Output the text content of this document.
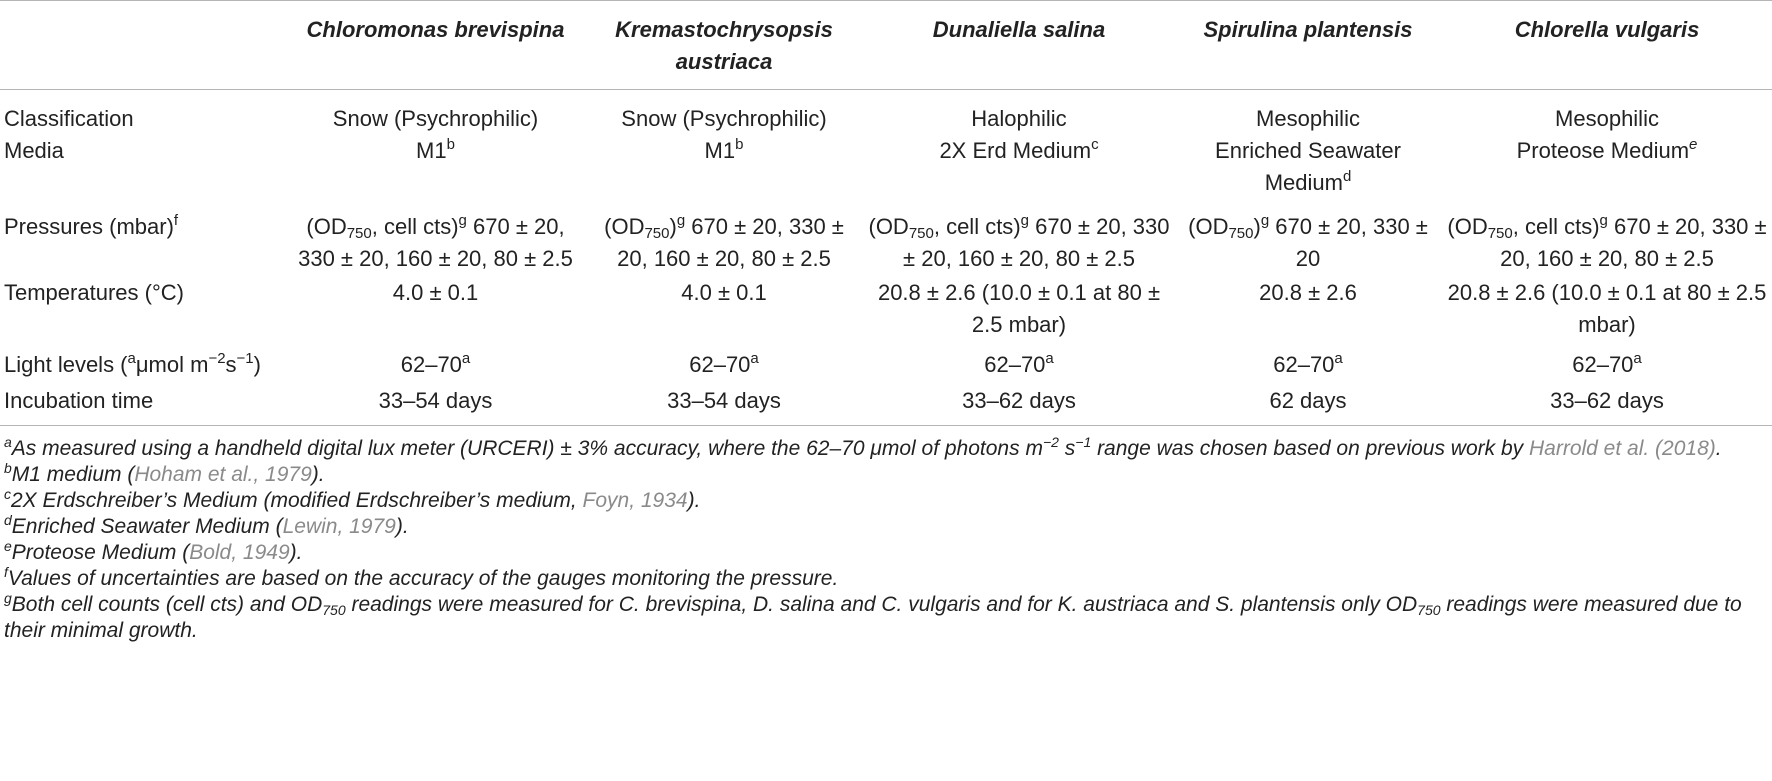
	Chloromonas brevispina	Kremastochrysopsis austriaca	Dunaliella salina	Spirulina plantensis	Chlorella vulgaris
Classification	Snow (Psychrophilic)	Snow (Psychrophilic)	Halophilic	Mesophilic	Mesophilic
Media	M1$^b$	M1$^b$	2X Erd Medium$^c$	Enriched Seawater Medium$^d$	Proteose Medium$^e$
Pressures (mbar)$^f$	($OD_{750}$, cell cts)$^g$ 670 ± 20, 330 ± 20, 160 ± 20, 80 ± 2.5	$(OD_{750})^g$ 670 ± 20, 330 ± 20, 160 ± 20, 80 ± 2.5	($OD_{750}$, cell cts)$^g$ 670 ± 20, 330 ± 20, 160 ± 20, 80 ± 2.5	$(OD_{750})^g$ 670 ± 20, 330 ± 20	($OD_{750}$, cell cts)$^g$ 670 ± 20, 330 ± 20, 160 ± 20, 80 ± 2.5
Temperatures (°C)	4.0 ± 0.1	4.0 ± 0.1	20.8 ± 2.6 (10.0 ± 0.1 at 80 ± 2.5 mbar)	20.8 ± 2.6	20.8 ± 2.6 (10.0 ± 0.1 at 80 ± 2.5 mbar)
Light levels ($^a$μmol $m^{-2}s^{-1}$)	62–70$^a$	62–70$^a$	62–70$^a$	62–70$^a$	62–70$^a$
Incubation time	33–54 days	33–54 days	33–62 days	62 days	33–62 days

$^a$As measured using a handheld digital lux meter (URCERI) ± 3% accuracy, where the 62–70 μmol of photons $m^{-2}$ $s^{-1}$ range was chosen based on previous work by Harrold et al. (2018).

$^b$M1 medium (Hoham et al., 1979).

$^c$2X Erdschreiber’s Medium (modified Erdschreiber’s medium, Foyn, 1934).

$^d$Enriched Seawater Medium (Lewin, 1979).

$^e$Proteose Medium (Bold, 1949).

$^f$Values of uncertainties are based on the accuracy of the gauges monitoring the pressure.

$^g$Both cell counts (cell cts) and $OD_{750}$ readings were measured for C. brevispina, D. salina and C. vulgaris and for K. austriaca and S. plantensis only $OD_{750}$ readings were measured due to their minimal growth.
